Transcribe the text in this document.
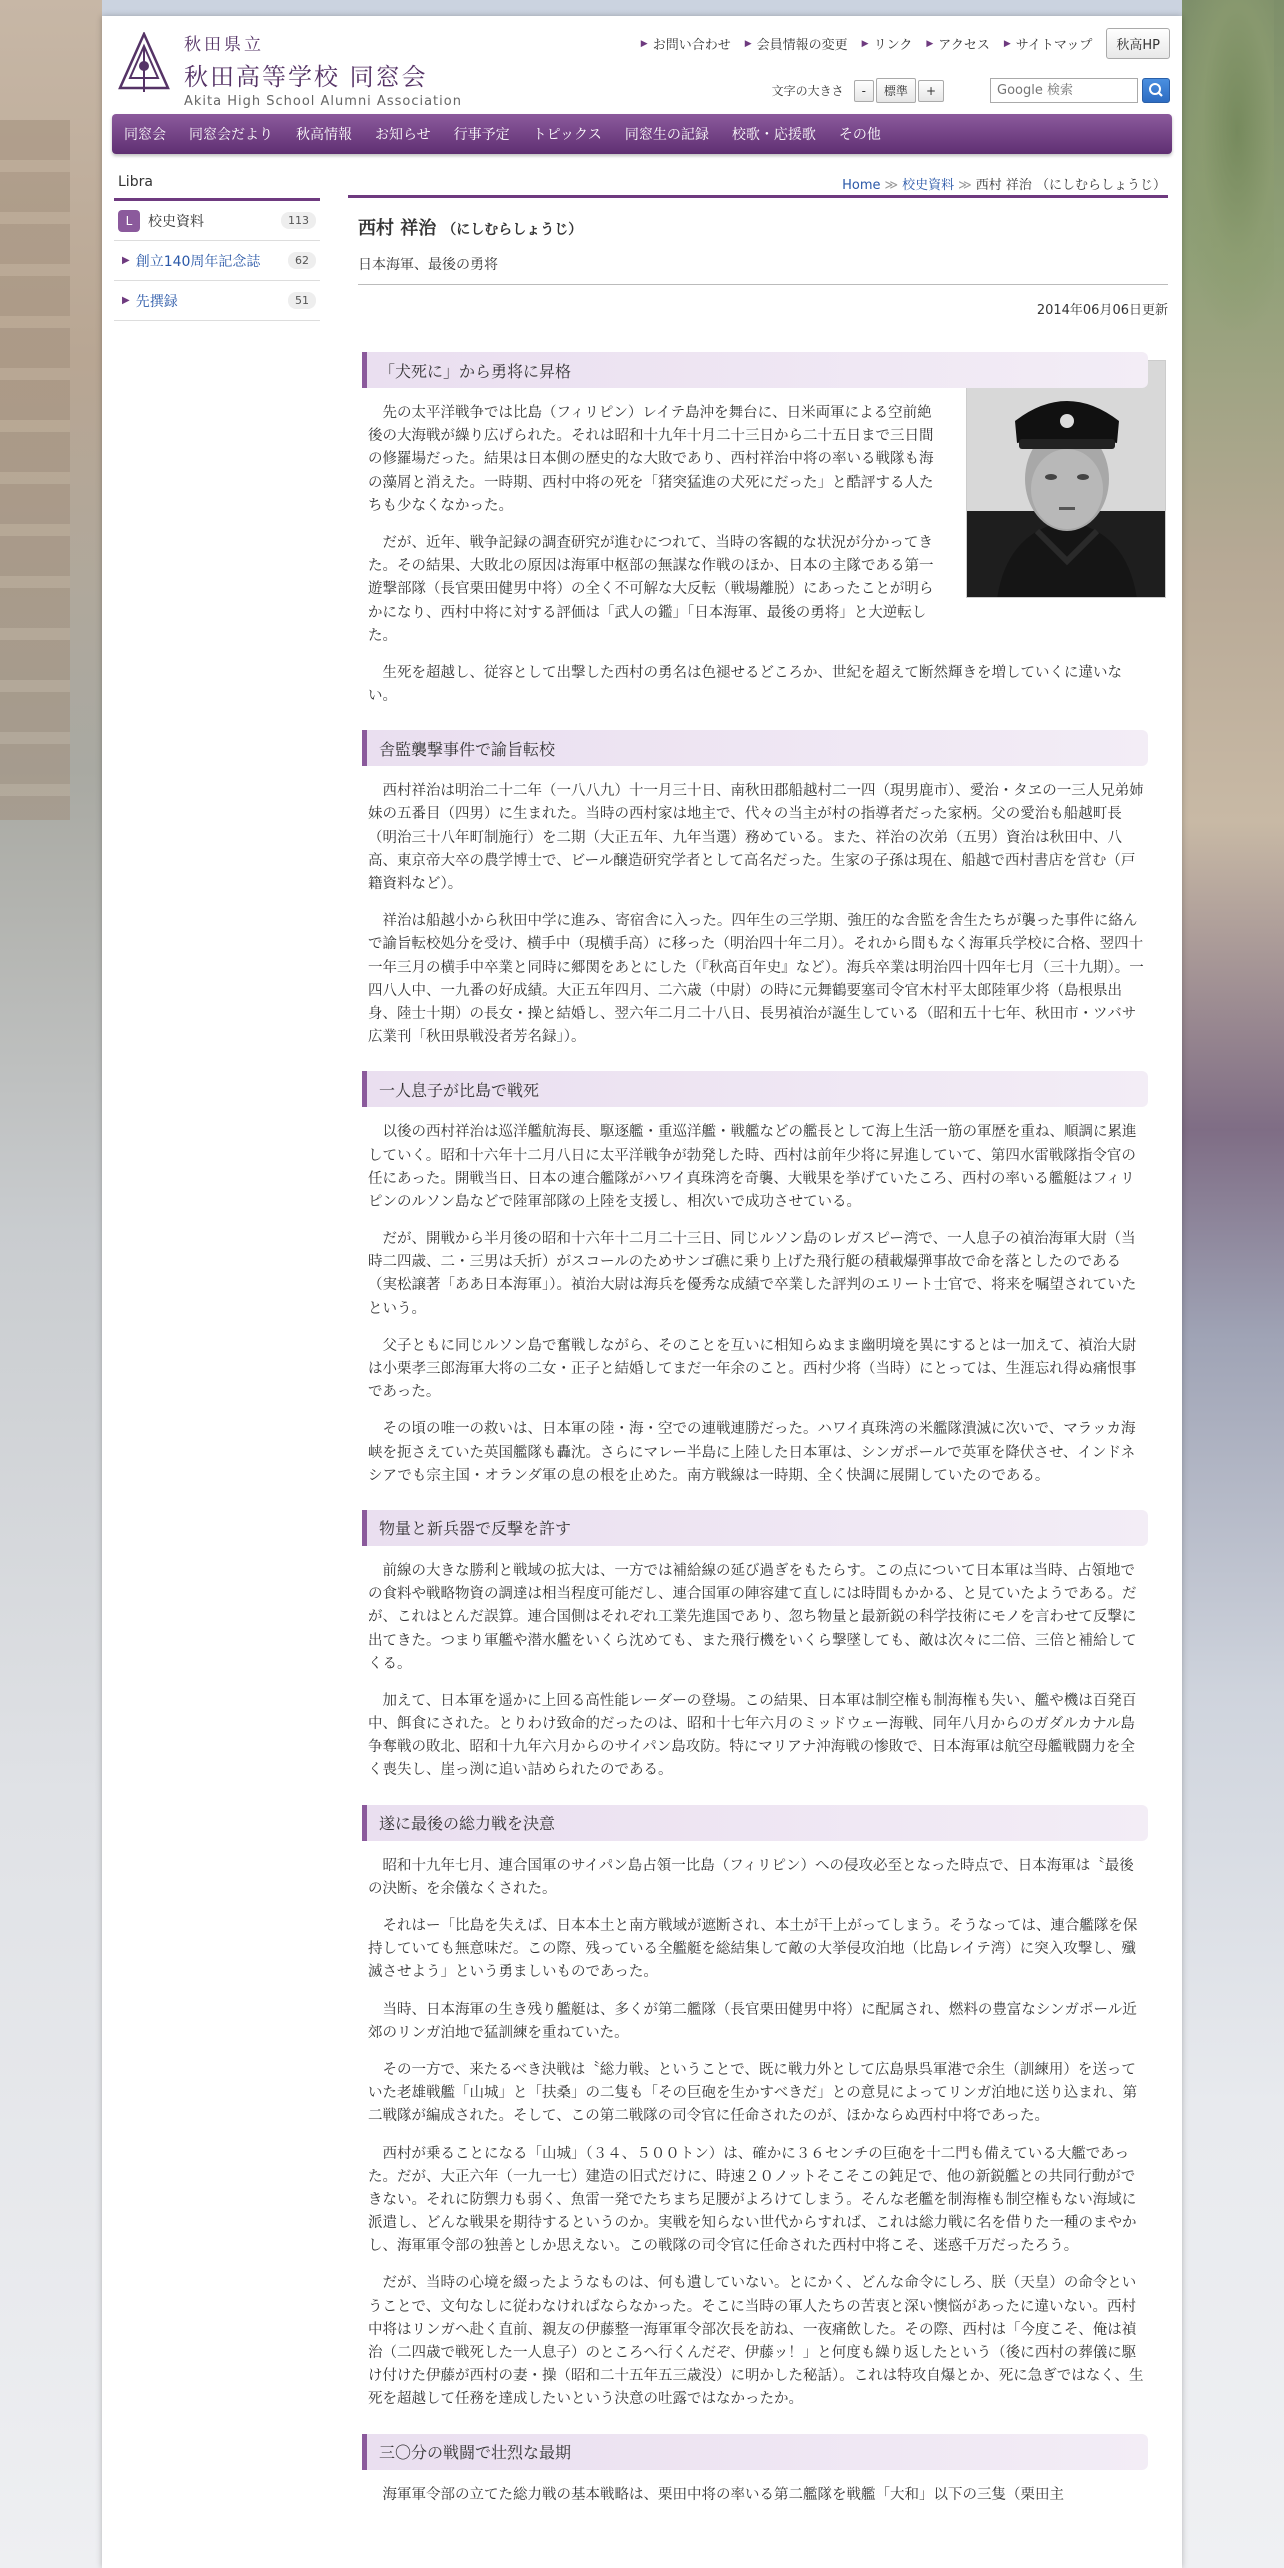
秋田県立
秋田高等学校 同窓会
Akita High School Alumni Association
▶ お問い合わせ ▶ 会員情報の変更 ▶ リンク ▶ アクセス ▶ サイトマップ	秋高HP
文字の大きさ	-	標準	+
Google 検索
同窓会 同窓会だより 秋高情報 お知らせ 行事予定 トピックス 同窓生の記録 校歌・応援歌 その他
Libra
L	校史資料	113
▶ 創立140周年記念誌	62
▶ 先撰録	51
Home ≫ 校史資料 ≫ 西村 祥治 （にしむらしょうじ）
西村 祥治 （にしむらしょうじ）
日本海軍、最後の勇将
2014年06月06日更新
「犬死に」から勇将に昇格

先の太平洋戦争では比島（フィリピン）レイテ島沖を舞台に、日米両軍による空前絶後の大海戦が繰り広げられた。それは昭和十九年十月二十三日から二十五日まで三日間の修羅場だった。結果は日本側の歴史的な大敗であり、西村祥治中将の率いる戦隊も海の藻屑と消えた。一時期、西村中将の死を「猪突猛進の犬死にだった」と酷評する人たちも少なくなかった。

だが、近年、戦争記録の調査研究が進むにつれて、当時の客観的な状況が分かってきた。その結果、大敗北の原因は海軍中枢部の無謀な作戦のほか、日本の主隊である第一遊撃部隊（長官栗田健男中将）の全く不可解な大反転（戦場離脱）にあったことが明らかになり、西村中将に対する評価は「武人の鑑」「日本海軍、最後の勇将」と大逆転した。

生死を超越し、従容として出撃した西村の勇名は色褪せるどころか、世紀を超えて断然輝きを増していくに違いない。

舎監襲撃事件で諭旨転校

西村祥治は明治二十二年（一八八九）十一月三十日、南秋田郡船越村二一四（現男鹿市）、愛治・タヱの一三人兄弟姉妹の五番目（四男）に生まれた。当時の西村家は地主で、代々の当主が村の指導者だった家柄。父の愛治も船越町長（明治三十八年町制施行）を二期（大正五年、九年当選）務めている。また、祥治の次弟（五男）資治は秋田中、八高、東京帝大卒の農学博士で、ビール醸造研究学者として高名だった。生家の子孫は現在、船越で西村書店を営む（戸籍資料など）。

祥治は船越小から秋田中学に進み、寄宿舎に入った。四年生の三学期、強圧的な舎監を舎生たちが襲った事件に絡んで諭旨転校処分を受け、横手中（現横手高）に移った（明治四十年二月）。それから間もなく海軍兵学校に合格、翌四十一年三月の横手中卒業と同時に郷関をあとにした（『秋高百年史』など）。海兵卒業は明治四十四年七月（三十九期）。一四八人中、一九番の好成績。大正五年四月、二六歳（中尉）の時に元舞鶴要塞司令官木村平太郎陸軍少将（島根県出身、陸士十期）の長女・操と結婚し、翌六年二月二十八日、長男禎治が誕生している（昭和五十七年、秋田市・ツバサ広業刊「秋田県戦没者芳名録」）。

一人息子が比島で戦死

以後の西村祥治は巡洋艦航海長、駆逐艦・重巡洋艦・戦艦などの艦長として海上生活一筋の軍歴を重ね、順調に累進していく。昭和十六年十二月八日に太平洋戦争が勃発した時、西村は前年少将に昇進していて、第四水雷戦隊指令官の任にあった。開戦当日、日本の連合艦隊がハワイ真珠湾を奇襲、大戦果を挙げていたころ、西村の率いる艦艇はフィリピンのルソン島などで陸軍部隊の上陸を支援し、相次いで成功させている。

だが、開戦から半月後の昭和十六年十二月二十三日、同じルソン島のレガスピー湾で、一人息子の禎治海軍大尉（当時二四歳、二・三男は夭折）がスコールのためサンゴ礁に乗り上げた飛行艇の積載爆弾事故で命を落としたのである（実松譲著「ああ日本海軍」）。禎治大尉は海兵を優秀な成績で卒業した評判のエリート士官で、将来を嘱望されていたという。

父子ともに同じルソン島で奮戦しながら、そのことを互いに相知らぬまま幽明境を異にするとは一加えて、禎治大尉は小栗孝三郎海軍大将の二女・正子と結婚してまだ一年余のこと。西村少将（当時）にとっては、生涯忘れ得ぬ痛恨事であった。

その頃の唯一の救いは、日本軍の陸・海・空での連戦連勝だった。ハワイ真珠湾の米艦隊潰滅に次いで、マラッカ海峡を扼さえていた英国艦隊も轟沈。さらにマレー半島に上陸した日本軍は、シンガポールで英軍を降伏させ、インドネシアでも宗主国・オランダ軍の息の根を止めた。南方戦線は一時期、全く快調に展開していたのである。

物量と新兵器で反撃を許す

前線の大きな勝利と戦域の拡大は、一方では補給線の延び過ぎをもたらす。この点について日本軍は当時、占領地での食料や戦略物資の調達は相当程度可能だし、連合国軍の陣容建て直しには時間もかかる、と見ていたようである。だが、これはとんだ誤算。連合国側はそれぞれ工業先進国であり、忽ち物量と最新鋭の科学技術にモノを言わせて反撃に出てきた。つまり軍艦や潜水艦をいくら沈めても、また飛行機をいくら撃墜しても、敵は次々に二倍、三倍と補給してくる。

加えて、日本軍を遥かに上回る高性能レーダーの登場。この結果、日本軍は制空権も制海権も失い、艦や機は百発百中、餌食にされた。とりわけ致命的だったのは、昭和十七年六月のミッドウェー海戦、同年八月からのガダルカナル島争奪戦の敗北、昭和十九年六月からのサイパン島攻防。特にマリアナ沖海戦の惨敗で、日本海軍は航空母艦戦闘力を全く喪失し、崖っ渕に追い詰められたのである。

遂に最後の総力戦を決意

昭和十九年七月、連合国軍のサイパン島占領一比島（フィリピン）への侵攻必至となった時点で、日本海軍は〝最後の決断〟を余儀なくされた。

それはー「比島を失えば、日本本土と南方戦域が遮断され、本土が干上がってしまう。そうなっては、連合艦隊を保持していても無意味だ。この際、残っている全艦艇を総結集して敵の大挙侵攻泊地（比島レイテ湾）に突入攻撃し、殲滅させよう」という勇ましいものであった。

当時、日本海軍の生き残り艦艇は、多くが第二艦隊（長官栗田健男中将）に配属され、燃料の豊富なシンガポール近郊のリンガ泊地で猛訓練を重ねていた。

その一方で、来たるべき決戦は〝総力戦〟ということで、既に戦力外として広島県呉軍港で余生（訓練用）を送っていた老雄戦艦「山城」と「扶桑」の二隻も「その巨砲を生かすべきだ」との意見によってリンガ泊地に送り込まれ、第二戦隊が編成された。そして、この第二戦隊の司令官に任命されたのが、ほかならぬ西村中将であった。

西村が乗ることになる「山城」（３４、５００トン）は、確かに３６センチの巨砲を十二門も備えている大艦であった。だが、大正六年（一九一七）建造の旧式だけに、時速２０ノットそこそこの鈍足で、他の新鋭艦との共同行動ができない。それに防禦力も弱く、魚雷一発でたちまち足腰がよろけてしまう。そんな老艦を制海権も制空権もない海域に派遣し、どんな戦果を期待するというのか。実戦を知らない世代からすれば、これは総力戦に名を借りた一種のまやかし、海軍軍令部の独善としか思えない。この戦隊の司令官に任命された西村中将こそ、迷惑千万だったろう。

だが、当時の心境を綴ったようなものは、何も遺していない。とにかく、どんな命令にしろ、朕（天皇）の命令ということで、文句なしに従わなければならなかった。そこに当時の軍人たちの苦衷と深い懊悩があったに違いない。西村中将はリンガへ赴く直前、親友の伊藤整一海軍軍令部次長を訪ね、一夜痛飲した。その際、西村は「今度こそ、俺は禎治（二四歳で戦死した一人息子）のところへ行くんだぞ、伊藤ッ！」と何度も繰り返したという（後に西村の葬儀に駆け付けた伊藤が西村の妻・操（昭和二十五年五三歳没）に明かした秘話）。これは特攻自爆とか、死に急ぎではなく、生死を超越して任務を達成したいという決意の吐露ではなかったか。

三〇分の戦闘で壮烈な最期

海軍軍令部の立てた総力戦の基本戦略は、栗田中将の率いる第二艦隊を戦艦「大和」以下の三隻（栗田主
